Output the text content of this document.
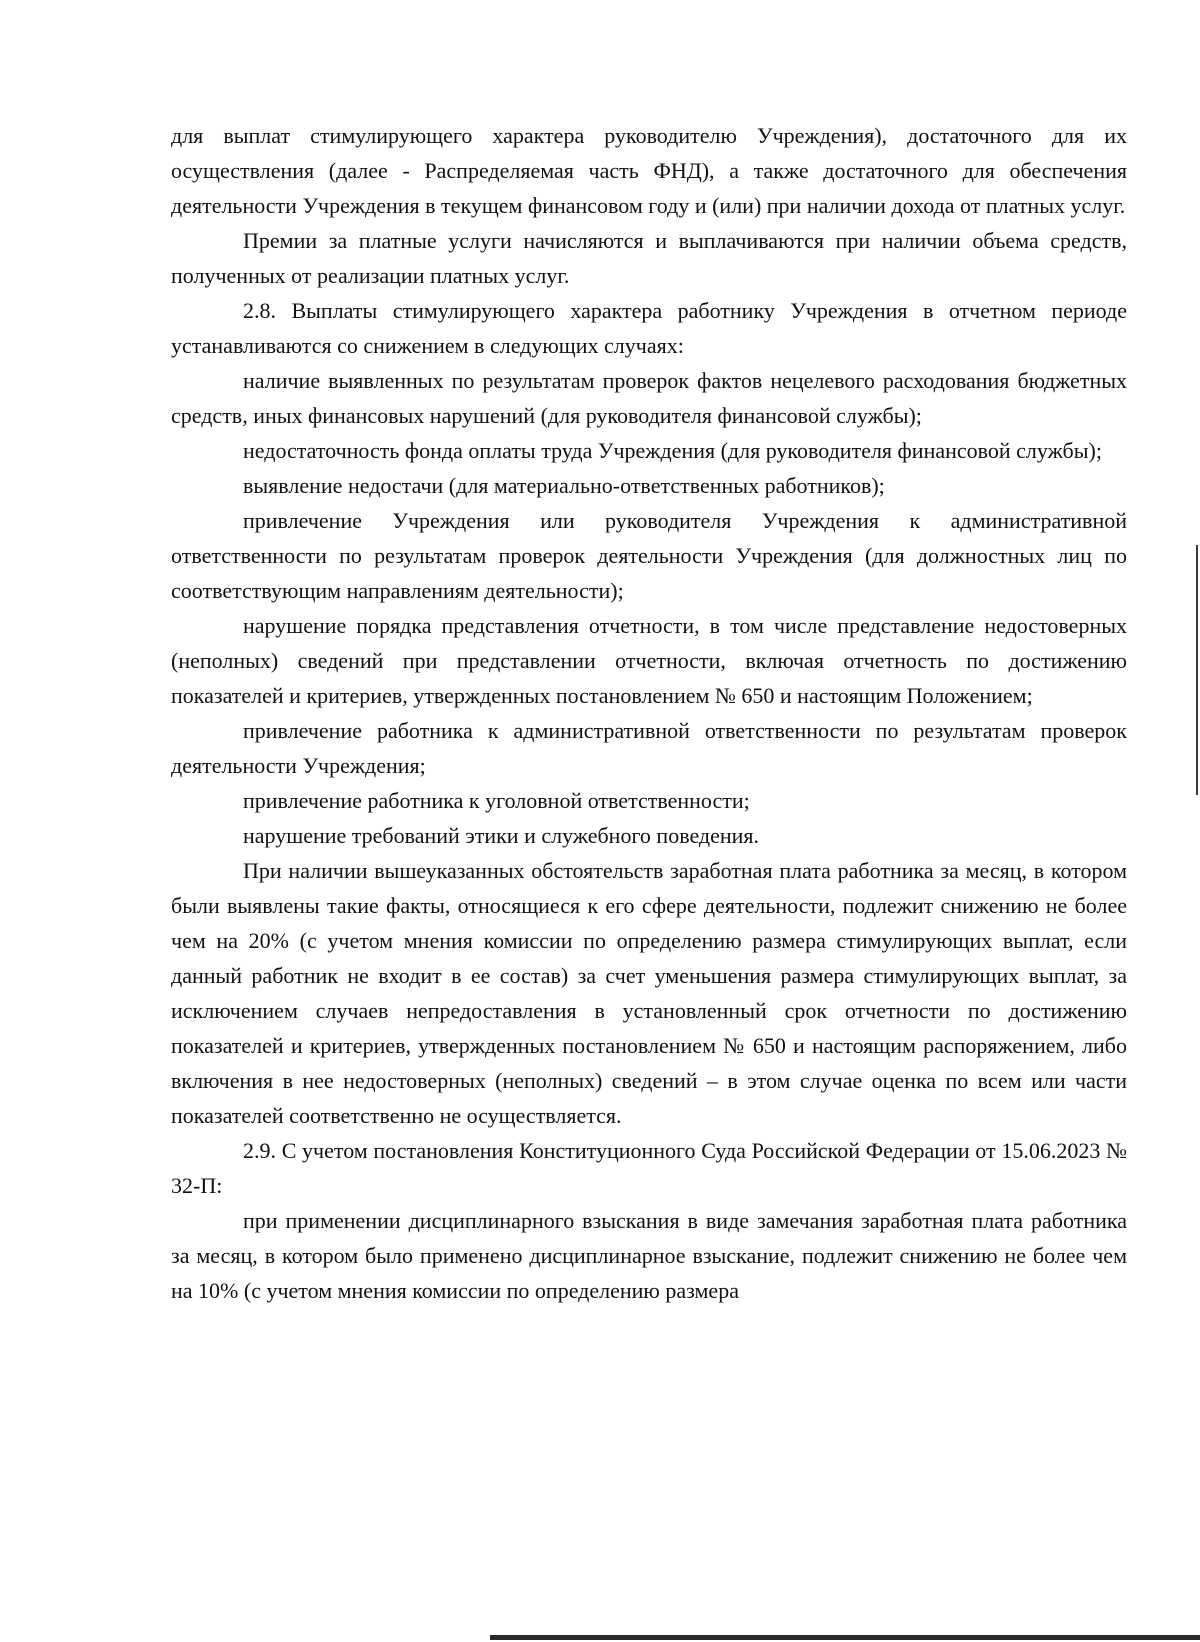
для выплат стимулирующего характера руководителю Учреждения), достаточного для их осуществления (далее - Распределяемая часть ФНД), а также достаточного для обеспечения деятельности Учреждения в текущем финансовом году и (или) при наличии дохода от платных услуг.

Премии за платные услуги начисляются и выплачиваются при наличии объема средств, полученных от реализации платных услуг.

2.8. Выплаты стимулирующего характера работнику Учреждения в отчетном периоде устанавливаются со снижением в следующих случаях:

наличие выявленных по результатам проверок фактов нецелевого расходования бюджетных средств, иных финансовых нарушений (для руководителя финансовой службы);

недостаточность фонда оплаты труда Учреждения (для руководителя финансовой службы);

выявление недостачи (для материально-ответственных работников);

привлечение Учреждения или руководителя Учреждения к административной ответственности по результатам проверок деятельности Учреждения (для должностных лиц по соответствующим направлениям деятельности);

нарушение порядка представления отчетности, в том числе представление недостоверных (неполных) сведений при представлении отчетности, включая отчетность по достижению показателей и критериев, утвержденных постановлением № 650 и настоящим Положением;

привлечение работника к административной ответственности по результатам проверок деятельности Учреждения;

привлечение работника к уголовной ответственности;

нарушение требований этики и служебного поведения.

При наличии вышеуказанных обстоятельств заработная плата работника за месяц, в котором были выявлены такие факты, относящиеся к его сфере деятельности, подлежит снижению не более чем на 20% (с учетом мнения комиссии по определению размера стимулирующих выплат, если данный работник не входит в ее состав) за счет уменьшения размера стимулирующих выплат, за исключением случаев непредоставления в установленный срок отчетности по достижению показателей и критериев, утвержденных постановлением № 650 и настоящим распоряжением, либо включения в нее недостоверных (неполных) сведений – в этом случае оценка по всем или части показателей соответственно не осуществляется.

2.9. С учетом постановления Конституционного Суда Российской Федерации от 15.06.2023 № 32-П:

при применении дисциплинарного взыскания в виде замечания заработная плата работника за месяц, в котором было применено дисциплинарное взыскание, подлежит снижению не более чем на 10% (с учетом мнения комиссии по определению размера
